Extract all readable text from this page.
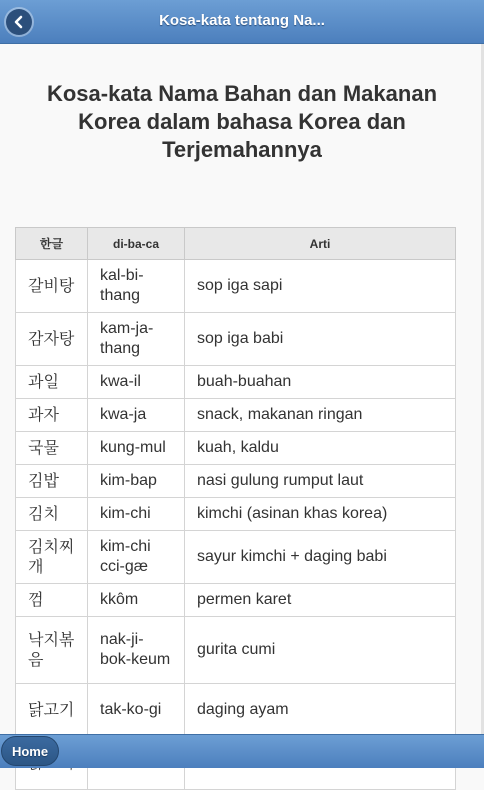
Kosa-kata tentang Na...
Kosa-kata Nama Bahan dan Makanan Korea dalam bahasa Korea dan Terjemahannya
한글	di-ba-ca	Arti
갈비탕	kal-bi-thang	sop iga sapi
감자탕	kam-ja-thang	sop iga babi
과일	kwa-il	buah-buahan
과자	kwa-ja	snack, makanan ringan
국물	kung-mul	kuah, kaldu
김밥	kim-bap	nasi gulung rumput laut
김치	kim-chi	kimchi (asinan khas korea)
김치찌개	kim-chi cci-gæ	sayur kimchi + daging babi
껌	kkôm	permen karet
낙지볶음	nak-ji-bok-keum	gurita cumi
닭고기	tak-ko-gi	daging ayam

Home
